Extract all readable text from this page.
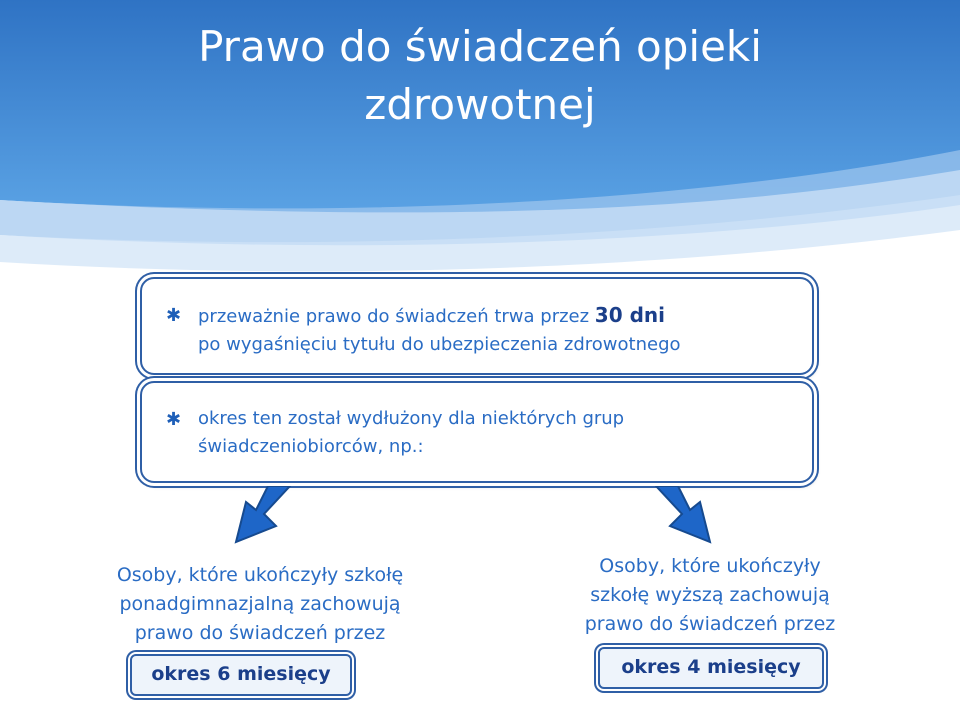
Prawo do świadczeń opieki
zdrowotnej
✱ przeważnie prawo do świadczeń trwa przez 30 dni
po wygaśnięciu tytułu do ubezpieczenia zdrowotnego
✱ okres ten został wydłużony dla niektórych grup
świadczeniobiorców, np.:
Osoby, które ukończyły szkołę
ponadgimnazjalną zachowują
prawo do świadczeń przez
okres 6 miesięcy
Osoby, które ukończyły
szkołę wyższą zachowują
prawo do świadczeń przez
okres 4 miesięcy
